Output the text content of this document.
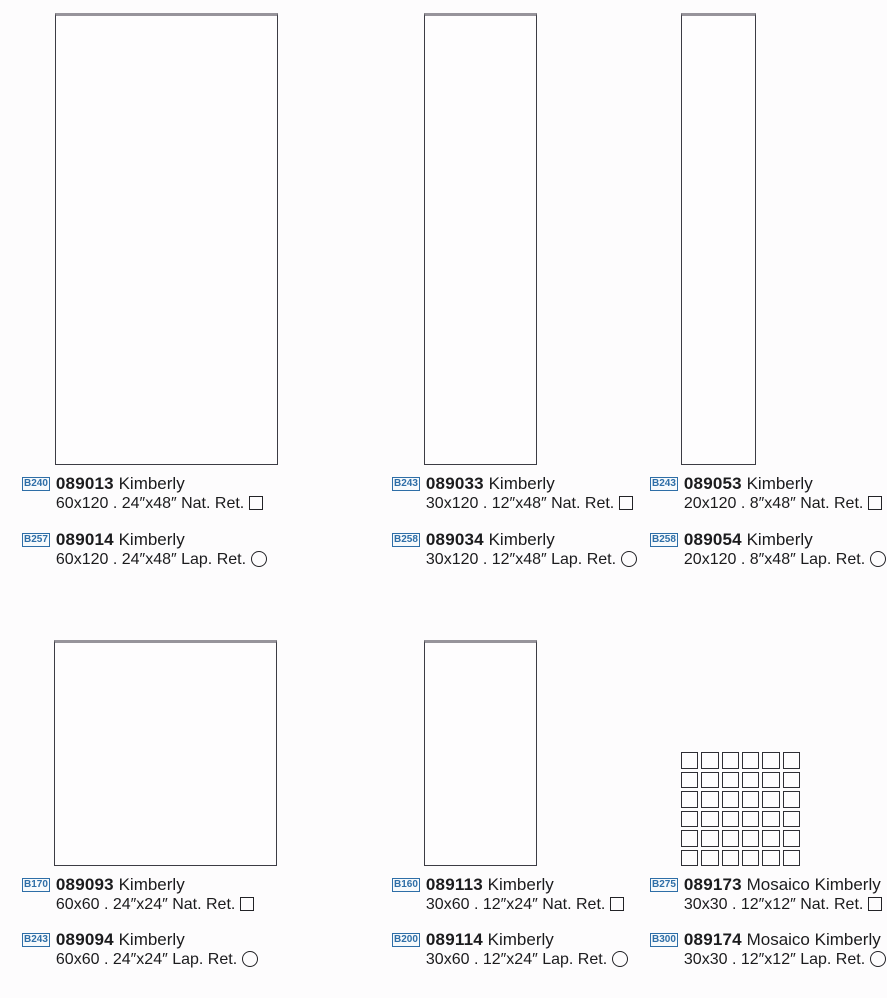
B240 089013 Kimberly
60x120 . 24″x48″ Nat. Ret.
B257 089014 Kimberly
60x120 . 24″x48″ Lap. Ret.
B243 089033 Kimberly
30x120 . 12″x48″ Nat. Ret.
B258 089034 Kimberly
30x120 . 12″x48″ Lap. Ret.
B243 089053 Kimberly
20x120 . 8″x48″ Nat. Ret.
B258 089054 Kimberly
20x120 . 8″x48″ Lap. Ret.
B170 089093 Kimberly
60x60 . 24″x24″ Nat. Ret.
B243 089094 Kimberly
60x60 . 24″x24″ Lap. Ret.
B160 089113 Kimberly
30x60 . 12″x24″ Nat. Ret.
B200 089114 Kimberly
30x60 . 12″x24″ Lap. Ret.
B275 089173 Mosaico Kimberly
30x30 . 12″x12″ Nat. Ret.
B300 089174 Mosaico Kimberly
30x30 . 12″x12″ Lap. Ret.
